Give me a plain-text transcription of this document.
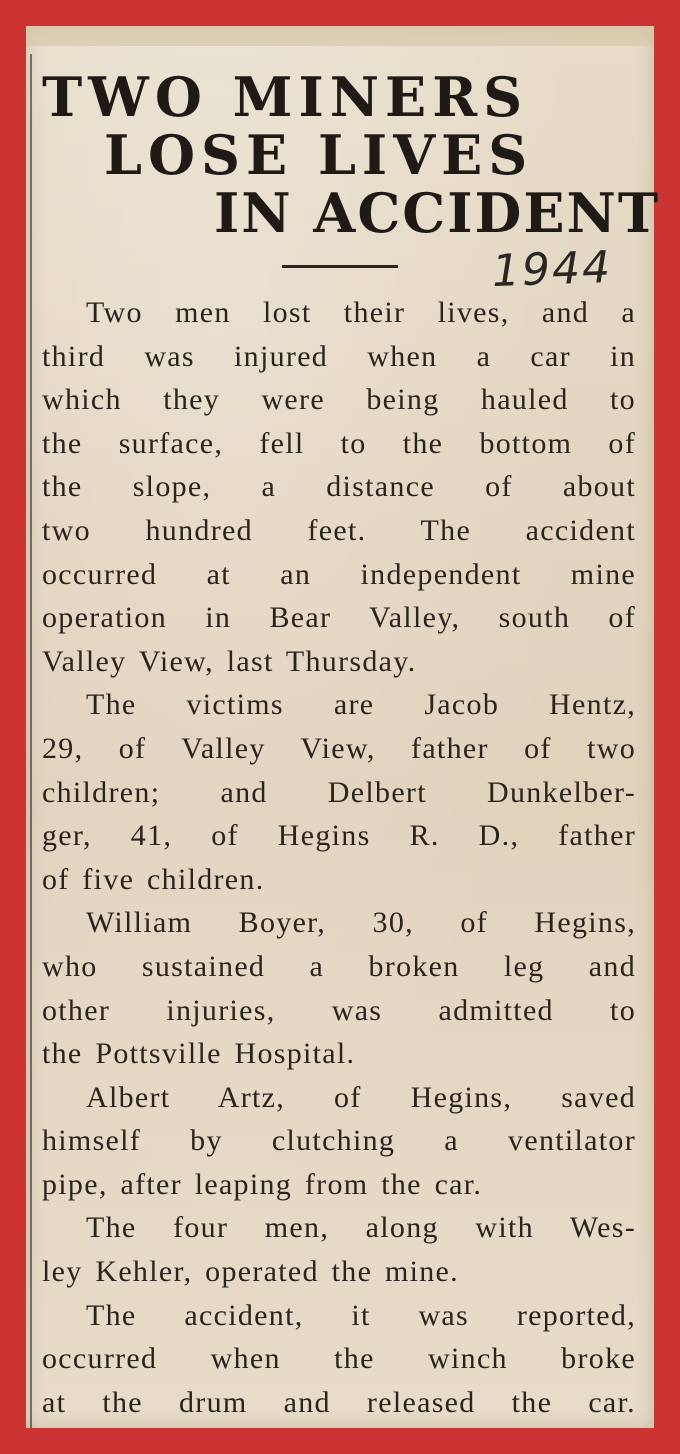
TWO MINERS
LOSE LIVES
IN ACCIDENT
1944

Two men lost their lives, and a
third was injured when a car in
which they were being hauled to
the surface, fell to the bottom of
the slope, a distance of about
two hundred feet. The accident
occurred at an independent mine
operation in Bear Valley, south of
Valley View, last Thursday.

The victims are Jacob Hentz,
29, of Valley View, father of two
children; and Delbert Dunkelber-
ger, 41, of Hegins R. D., father
of five children.

William Boyer, 30, of Hegins,
who sustained a broken leg and
other injuries, was admitted to
the Pottsville Hospital.

Albert Artz, of Hegins, saved
himself by clutching a ventilator
pipe, after leaping from the car.

The four men, along with Wes-
ley Kehler, operated the mine.

The accident, it was reported,
occurred when the winch broke
at the drum and released the car.
